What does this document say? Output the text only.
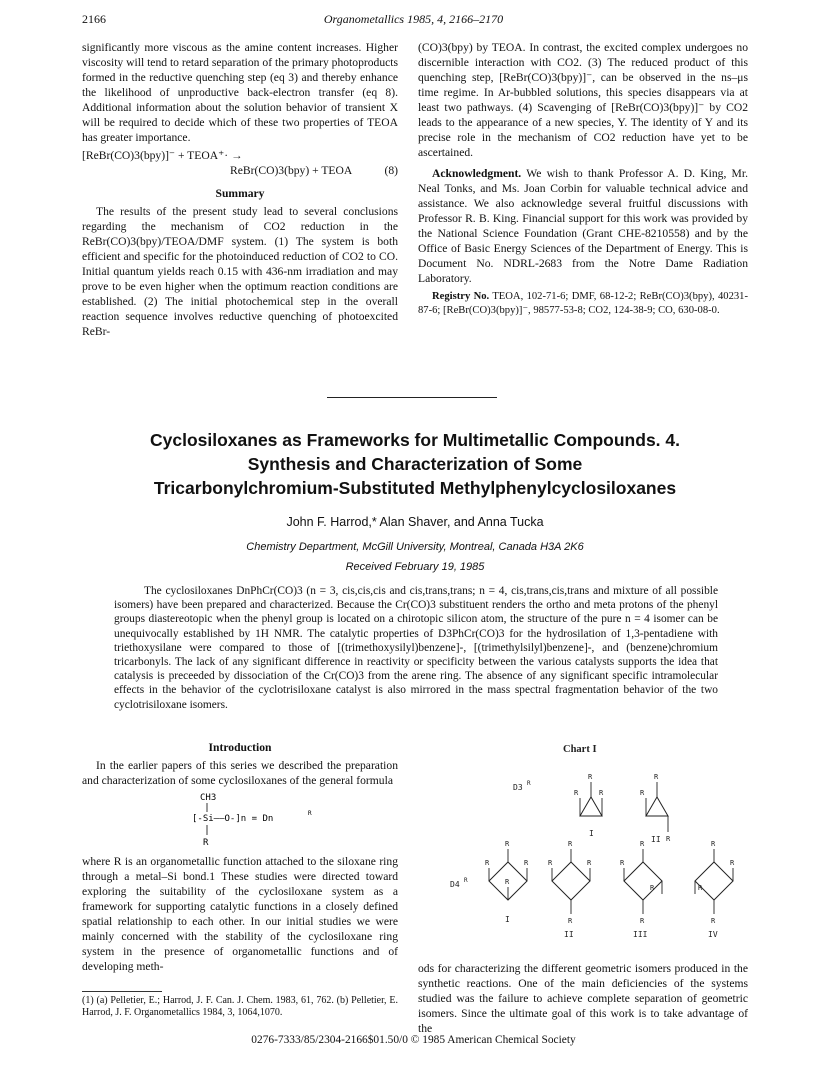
2166	Organometallics 1985, 4, 2166–2170

significantly more viscous as the amine content increases. Higher viscosity will tend to retard separation of the primary photoproducts formed in the reductive quenching step (eq 3) and thereby enhance the likelihood of unproductive back-electron transfer (eq 8). Additional information about the solution behavior of transient X will be required to decide which of these two properties of TEOA has greater importance.

[ReBr(CO)3(bpy)]⁻ + TEOA⁺· →
ReBr(CO)3(bpy) + TEOA	(8)
Summary

The results of the present study lead to several conclusions regarding the mechanism of CO2 reduction in the ReBr(CO)3(bpy)/TEOA/DMF system. (1) The system is both efficient and specific for the photoinduced reduction of CO2 to CO. Initial quantum yields reach 0.15 with 436-nm irradiation and may prove to be even higher when the optimum reaction conditions are established. (2) The initial photochemical step in the overall reaction sequence involves reductive quenching of photoexcited ReBr-

(CO)3(bpy) by TEOA. In contrast, the excited complex undergoes no discernible interaction with CO2. (3) The reduced product of this quenching step, [ReBr(CO)3(bpy)]⁻, can be observed in the ns–μs time regime. In Ar-bubbled solutions, this species disappears via at least two pathways. (4) Scavenging of [ReBr(CO)3(bpy)]⁻ by CO2 leads to the appearance of a new species, Y. The identity of Y and its precise role in the mechanism of CO2 reduction have yet to be ascertained.

Acknowledgment. We wish to thank Professor A. D. King, Mr. Neal Tonks, and Ms. Joan Corbin for valuable technical advice and assistance. We also acknowledge several fruitful discussions with Professor R. B. King. Financial support for this work was provided by the National Science Foundation (Grant CHE-8210558) and by the Office of Basic Energy Sciences of the Department of Energy. This is Document No. NDRL-2683 from the Notre Dame Radiation Laboratory.

Registry No. TEOA, 102-71-6; DMF, 68-12-2; ReBr(CO)3(bpy), 40231-87-6; [ReBr(CO)3(bpy)]⁻, 98577-53-8; CO2, 124-38-9; CO, 630-08-0.

Cyclosiloxanes as Frameworks for Multimetallic Compounds. 4.
Synthesis and Characterization of Some
Tricarbonylchromium-Substituted Methylphenylcyclosiloxanes
John F. Harrod,* Alan Shaver, and Anna Tucka
Chemistry Department, McGill University, Montreal, Canada H3A 2K6
Received February 19, 1985

The cyclosiloxanes DnPhCr(CO)3 (n = 3, cis,cis,cis and cis,trans,trans; n = 4, cis,trans,cis,trans and mixture of all possible isomers) have been prepared and characterized. Because the Cr(CO)3 substituent renders the ortho and meta protons of the phenyl groups diastereotopic when the phenyl group is located on a chirotopic silicon atom, the structure of the pure n = 4 isomer can be unequivocally established by 1H NMR. The catalytic properties of D3PhCr(CO)3 for the hydrosilation of 1,3-pentadiene with triethoxysilane were compared to those of [(trimethoxysilyl)benzene]-, [(trimethylsilyl)benzene]-, and (benzene)chromium tricarbonyls. The lack of any significant difference in reactivity or specificity between the various catalysts supports the idea that catalysis is preceeded by dissociation of the Cr(CO)3 from the arene ring. The absence of any significant specific intramolecular effects in the behavior of the cyclotrisiloxane catalyst is also mirrored in the mass spectral fragmentation behavior of the two cyclotrisiloxane isomers.

Introduction

In the earlier papers of this series we described the preparation and characterization of some cyclosiloxanes of the general formula

CH3
[-Si——O-]n = Dn
R
R

where R is an organometallic function attached to the siloxane ring through a metal–Si bond.1 These studies were directed toward exploring the suitability of the cyclosiloxane system as a framework for supporting catalytic functions in a closely defined spatial relationship to each other. In our initial studies we were mainly concerned with the stability of the cyclosiloxane ring system in the presence of organometallic functions and of developing meth-

(1) (a) Pelletier, E.; Harrod, J. F. Can. J. Chem. 1983, 61, 762. (b) Pelletier, E. Harrod, J. F. Organometallics 1984, 3, 1064,1070.
Chart I
D3 R
R
R	R
I
R
R
R
II
D4 R
R
R	R
R
I
R
R	R
R
II
R
R
R
R
III
R
R
R
R
IV

ods for characterizing the different geometric isomers produced in the synthetic reactions. One of the main deficiencies of the systems studied was the failure to achieve complete separation of geometric isomers. Since the ultimate goal of this work is to take advantage of the

0276-7333/85/2304-2166$01.50/0 © 1985 American Chemical Society
